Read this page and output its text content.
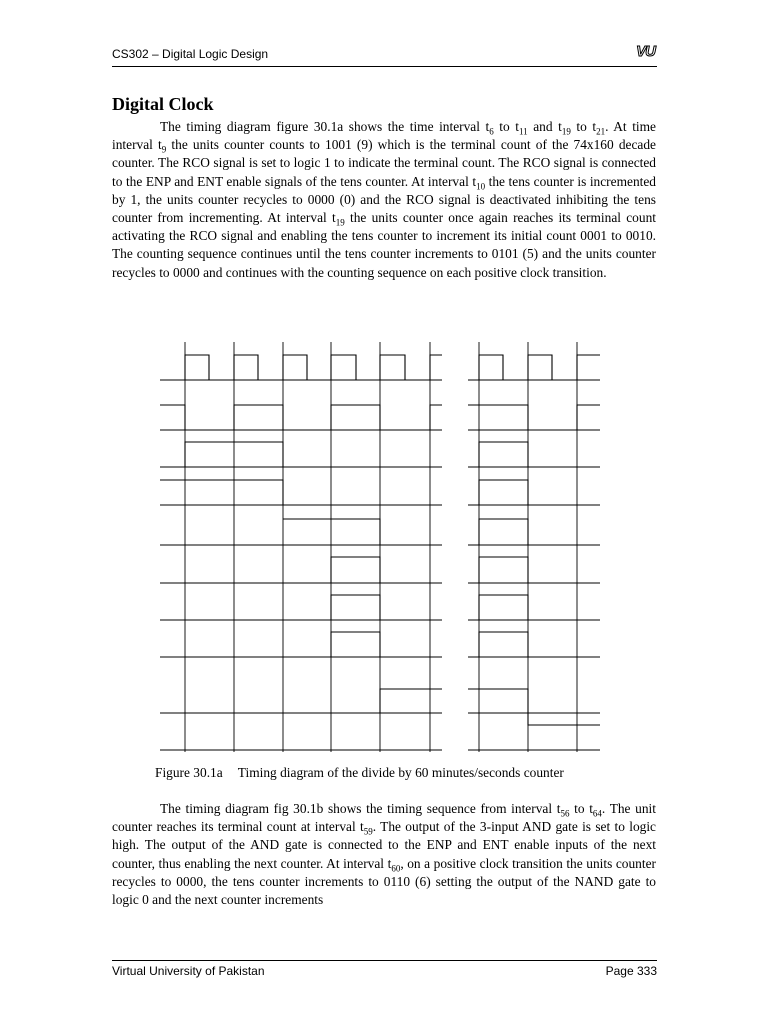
CS302 – Digital Logic Design	VU
Digital Clock

The timing diagram figure 30.1a shows the time interval $t_6$ to $t_{11}$ and $t_{19}$ to $t_{21}$. At time interval $t_9$ the units counter counts to 1001 (9) which is the terminal count of the 74x160 decade counter. The RCO signal is set to logic 1 to indicate the terminal count. The RCO signal is connected to the ENP and ENT enable signals of the tens counter. At interval $t_{10}$ the tens counter is incremented by 1, the units counter recycles to 0000 (0) and the RCO signal is deactivated inhibiting the tens counter from incrementing. At interval $t_{19}$ the units counter once again reaches its terminal count activating the RCO signal and enabling the tens counter to increment its initial count 0001 to 0010. The counting sequence continues until the tens counter increments to 0101 (5) and the units counter recycles to 0000 and continues with the counting sequence on each positive clock transition.

Figure 30.1a Timing diagram of the divide by 60 minutes/seconds counter

The timing diagram fig 30.1b shows the timing sequence from interval $t_{56}$ to $t_{64}$. The unit counter reaches its terminal count at interval $t_{59}$. The output of the 3-input AND gate is set to logic high. The output of the AND gate is connected to the ENP and ENT enable inputs of the next counter, thus enabling the next counter. At interval $t_{60}$, on a positive clock transition the units counter recycles to 0000, the tens counter increments to 0110 (6) setting the output of the NAND gate to logic 0 and the next counter increments

Virtual University of Pakistan	Page 333
